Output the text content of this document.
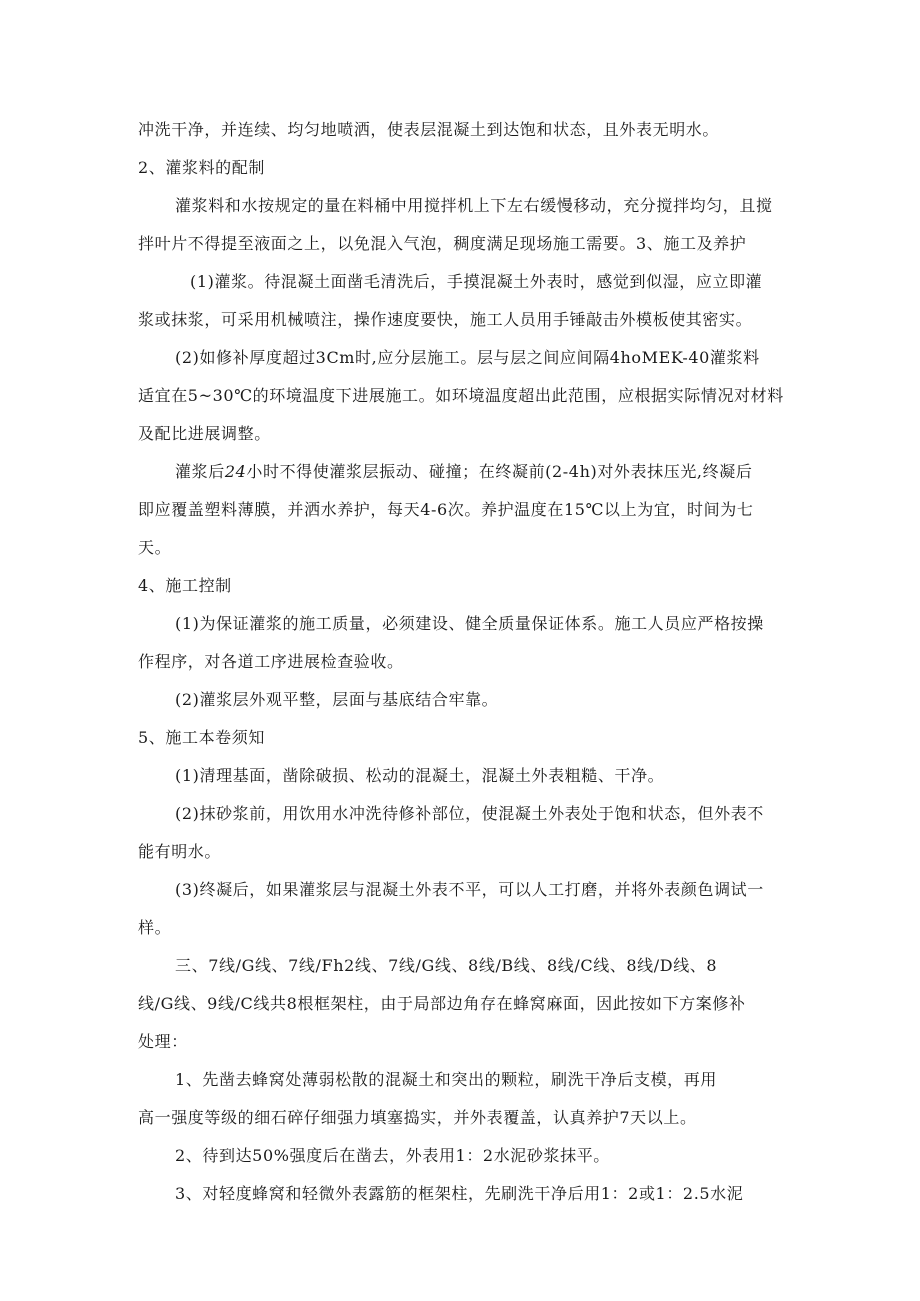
冲洗干净，并连续、均匀地喷洒，使表层混凝土到达饱和状态，且外表无明水。
2、灌浆料的配制
灌浆料和水按规定的量在料桶中用搅拌机上下左右缓慢移动，充分搅拌均匀，且搅
拌叶片不得提至液面之上，以免混入气泡，稠度满足现场施工需要。3、施工及养护
(1)灌浆。待混凝土面凿毛清洗后，手摸混凝土外表时，感觉到似湿，应立即灌
浆或抹浆，可采用机械喷注，操作速度要快，施工人员用手锤敲击外模板使其密实。
(2)如修补厚度超过3Cm时,应分层施工。层与层之间应间隔4hoMEK-40灌浆料
适宜在5~30℃的环境温度下进展施工。如环境温度超出此范围，应根据实际情况对材料
及配比进展调整。
灌浆后24小时不得使灌浆层振动、碰撞；在终凝前(2-4h)对外表抹压光,终凝后
即应覆盖塑料薄膜，并洒水养护，每天4-6次。养护温度在15℃以上为宜，时间为七
天。
4、施工控制
(1)为保证灌浆的施工质量，必须建设、健全质量保证体系。施工人员应严格按操
作程序，对各道工序进展检查验收。
(2)灌浆层外观平整，层面与基底结合牢靠。
5、施工本卷须知
(1)清理基面，凿除破损、松动的混凝土，混凝土外表粗糙、干净。
(2)抹砂浆前，用饮用水冲洗待修补部位，使混凝土外表处于饱和状态，但外表不
能有明水。
(3)终凝后，如果灌浆层与混凝土外表不平，可以人工打磨，并将外表颜色调试一
样。
三、7线/G线、7线/Fh2线、7线/G线、8线/B线、8线/C线、8线/D线、8
线/G线、9线/C线共8根框架柱，由于局部边角存在蜂窝麻面，因此按如下方案修补
处理：
1、先凿去蜂窝处薄弱松散的混凝土和突出的颗粒，刷洗干净后支模，再用
高一强度等级的细石碎仔细强力填塞捣实，并外表覆盖，认真养护7天以上。
2、待到达50%强度后在凿去，外表用1：2水泥砂浆抹平。
3、对轻度蜂窝和轻微外表露筋的框架柱，先刷洗干净后用1：2或1：2.5水泥
